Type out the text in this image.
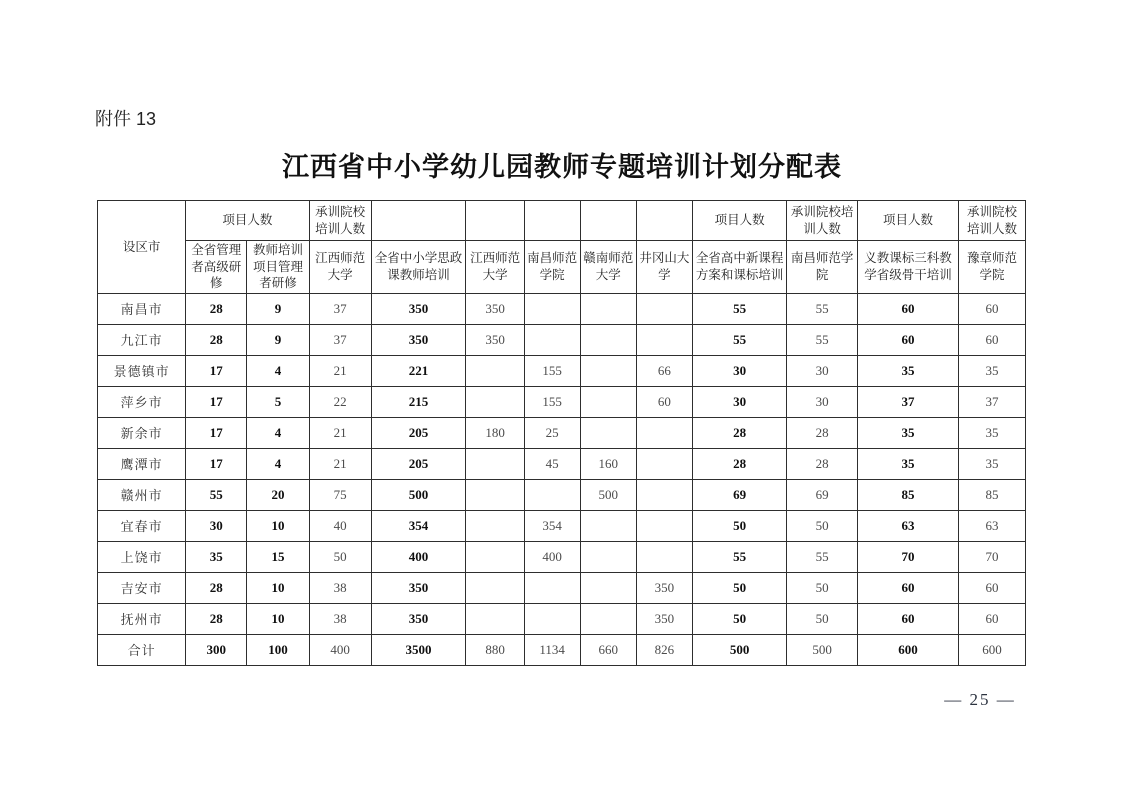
附件 13
江西省中小学幼儿园教师专题培训计划分配表
设区市	项目人数		承训院校培训人数						项目人数	承训院校培训人数	项目人数	承训院校培训人数
	全省管理者高级研修	教师培训项目管理者研修	江西师范大学	全省中小学思政课教师培训	江西师范大学	南昌师范学院	赣南师范大学	井冈山大学	全省高中新课程方案和课标培训	南昌师范学院	义教课标三科教学省级骨干培训	豫章师范学院
南昌市	28	9	37	350	350				55	55	60	60
九江市	28	9	37	350	350				55	55	60	60
景德镇市	17	4	21	221		155		66	30	30	35	35
萍乡市	17	5	22	215		155		60	30	30	37	37
新余市	17	4	21	205	180	25			28	28	35	35
鹰潭市	17	4	21	205		45	160		28	28	35	35
赣州市	55	20	75	500			500		69	69	85	85
宜春市	30	10	40	354		354			50	50	63	63
上饶市	35	15	50	400		400			55	55	70	70
吉安市	28	10	38	350				350	50	50	60	60
抚州市	28	10	38	350				350	50	50	60	60
合计	300	100	400	3500	880	1134	660	826	500	500	600	600
— 25 —
